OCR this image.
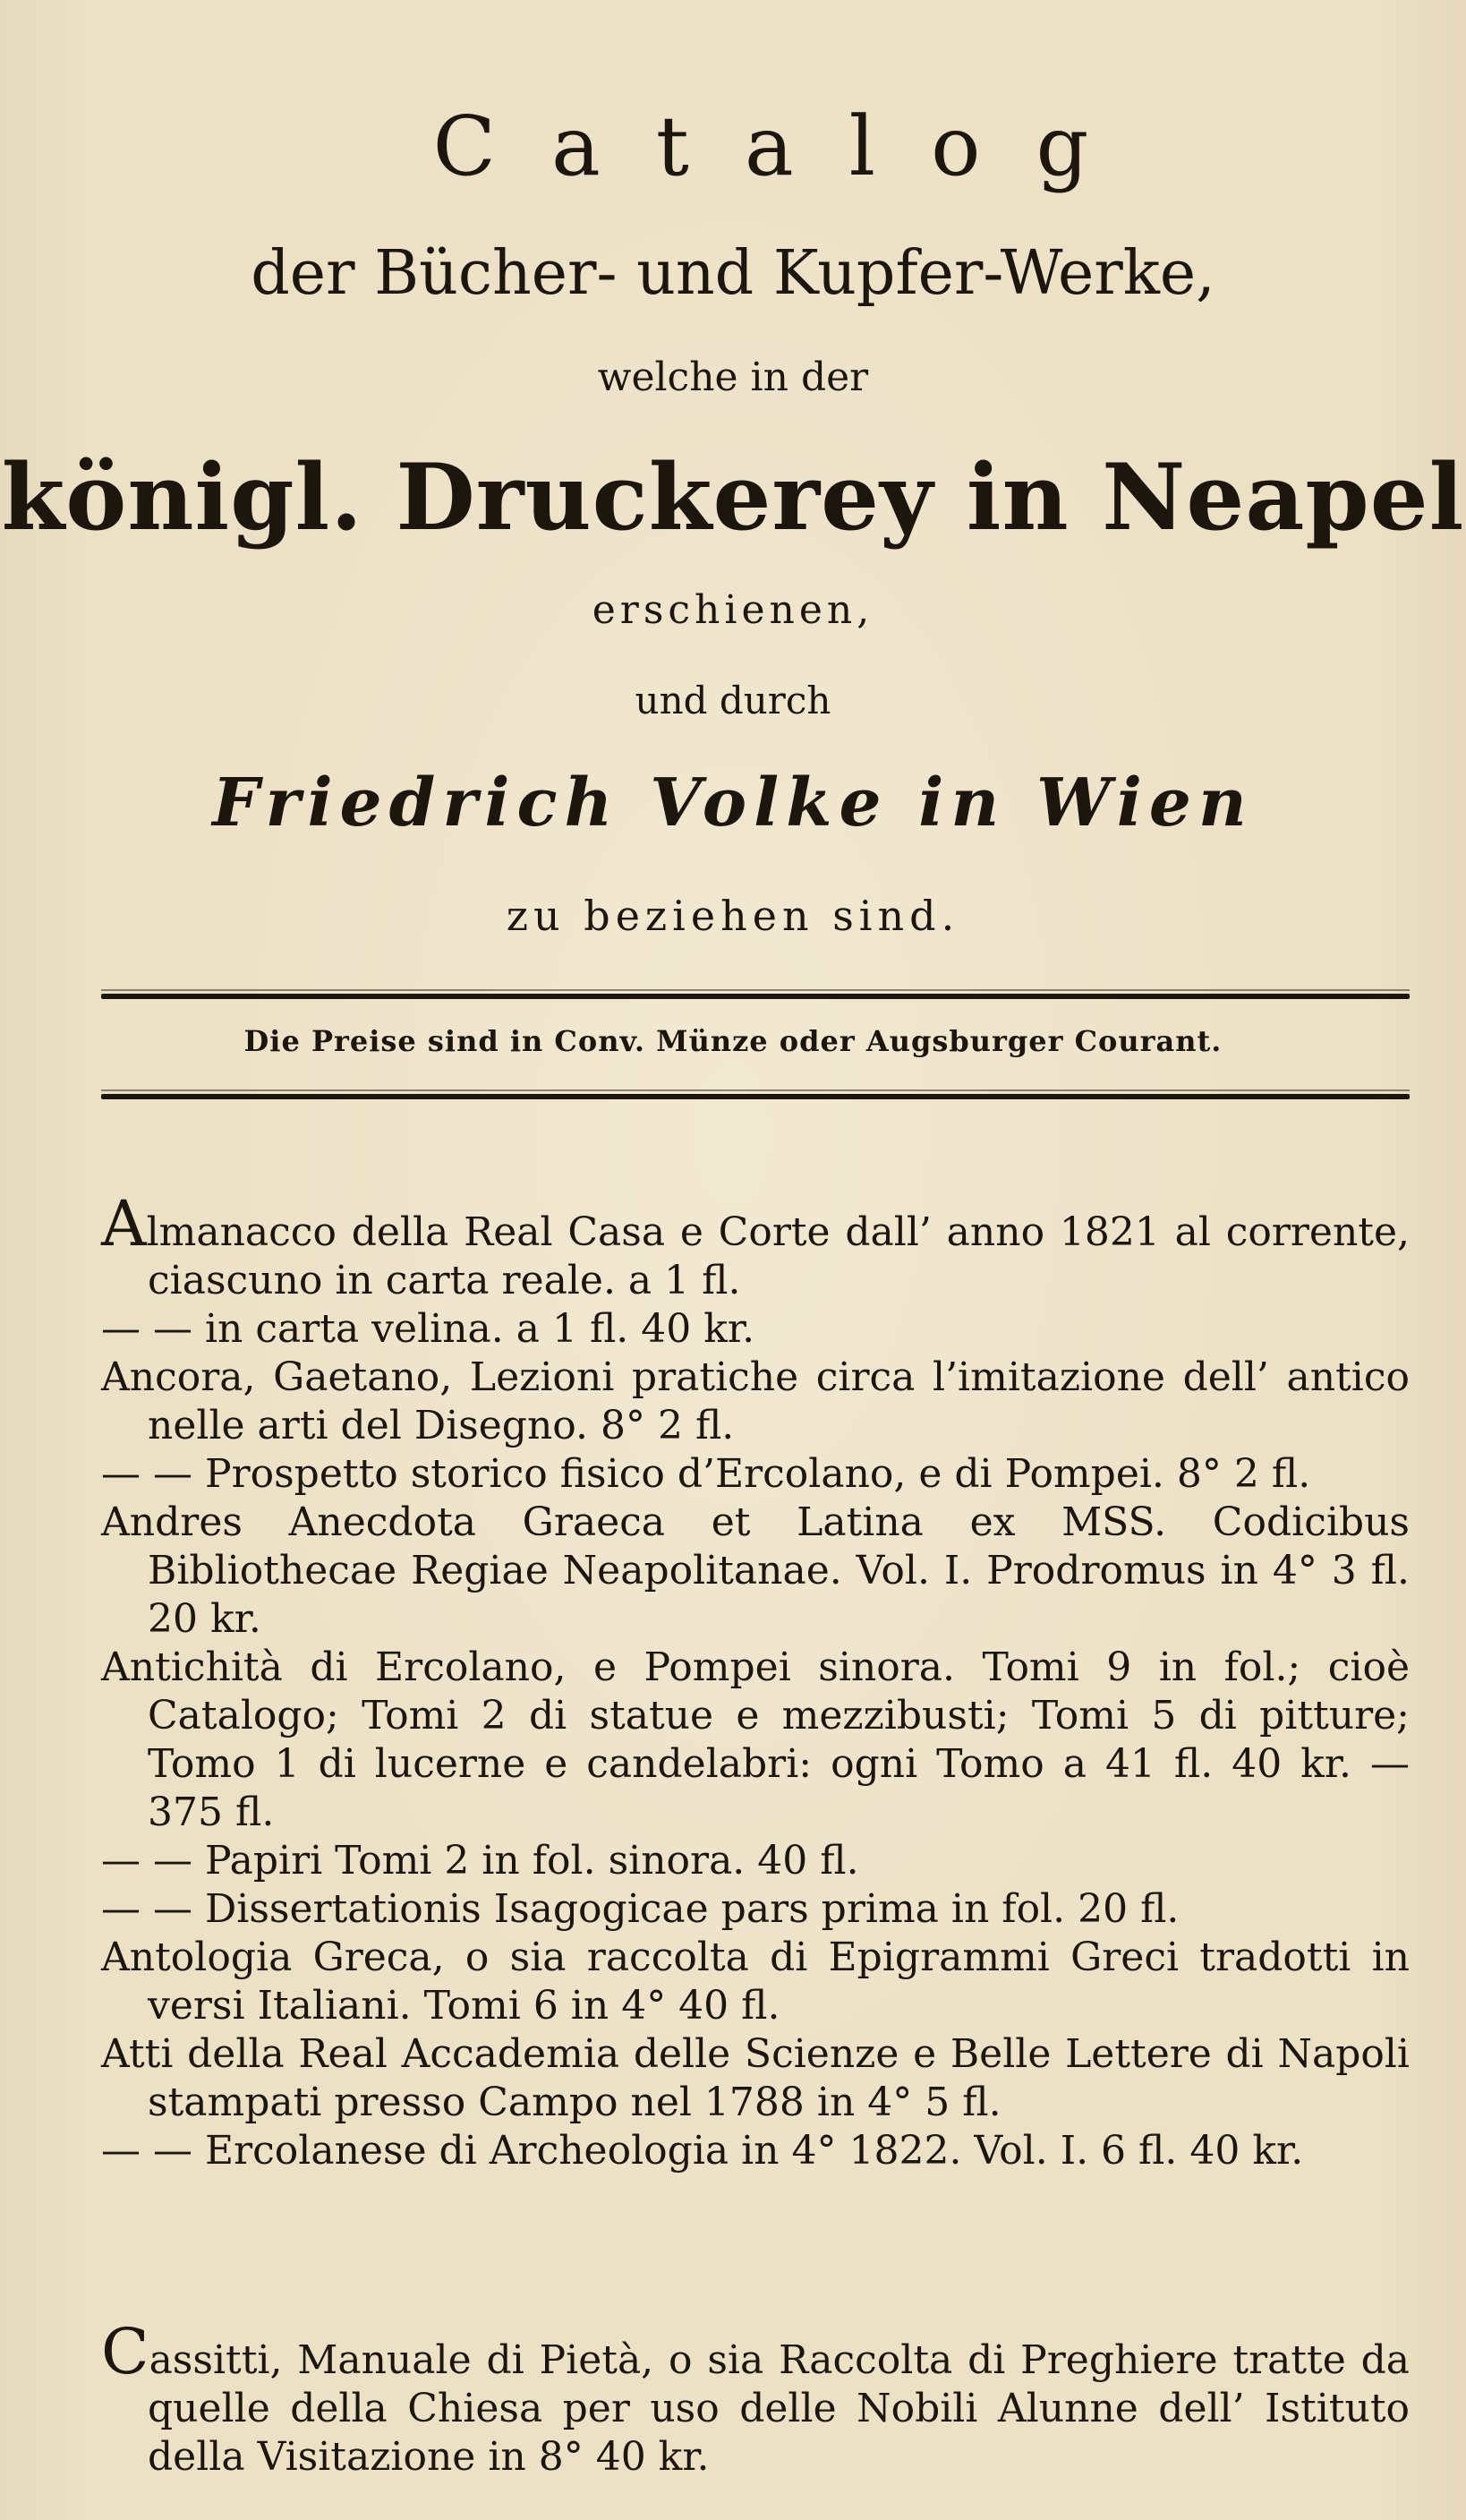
Catalog
der Bücher- und Kupfer-Werke,
welche in der
königl. Druckerey in Neapel
erschienen,
und durch
Friedrich Volke in Wien
zu beziehen sind.
Die Preise sind in Conv. Münze oder Augsburger Courant.
Almanacco della Real Casa e Corte dall’ anno 1821 al corrente, ciascuno in carta reale. a 1 fl.
— — in carta velina. a 1 fl. 40 kr.
Ancora, Gaetano, Lezioni pratiche circa l’imitazione dell’ antico nelle arti del Disegno. 8° 2 fl.
— — Prospetto storico fisico d’Ercolano, e di Pompei. 8° 2 fl.
Andres Anecdota Graeca et Latina ex MSS. Codicibus Bibliothecae Regiae Neapolitanae. Vol. I. Prodromus in 4° 3 fl. 20 kr.
Antichità di Ercolano, e Pompei sinora. Tomi 9 in fol.; cioè Catalogo; Tomi 2 di statue e mezzibusti; Tomi 5 di pitture; Tomo 1 di lucerne e candelabri: ogni Tomo a 41 fl. 40 kr. — 375 fl.
— — Papiri Tomi 2 in fol. sinora. 40 fl.
— — Dissertationis Isagogicae pars prima in fol. 20 fl.
Antologia Greca, o sia raccolta di Epigrammi Greci tradotti in versi Italiani. Tomi 6 in 4° 40 fl.
Atti della Real Accademia delle Scienze e Belle Lettere di Napoli stampati presso Campo nel 1788 in 4° 5 fl.
— — Ercolanese di Archeologia in 4° 1822. Vol. I. 6 fl. 40 kr.
Cassitti, Manuale di Pietà, o sia Raccolta di Preghiere tratte da quelle della Chiesa per uso delle Nobili Alunne dell’ Istituto della Visitazione in 8° 40 kr.
